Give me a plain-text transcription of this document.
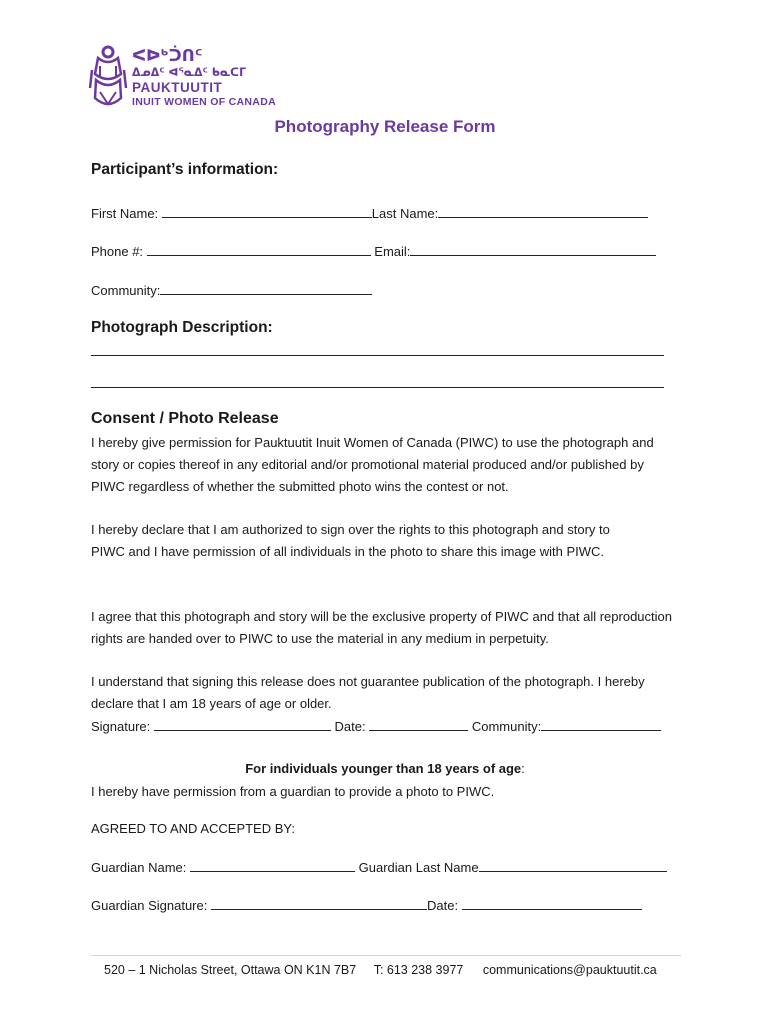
ᐸᐅᒃᑑᑎᑦ
ᐃᓄᐃᑦ ᐊᕐᓇᐃᑦ ᑲᓇᑕᒥ
PAUKTUUTIT
INUIT WOMEN OF CANADA
Photography Release Form
Participant’s information:
First Name:	Last Name:
Phone #:	Email:
Community:
Photograph Description:
Consent / Photo Release
I hereby give permission for Pauktuutit Inuit Women of Canada (PIWC) to use the photograph and story or copies thereof in any editorial and/or promotional material produced and/or published by PIWC regardless of whether the submitted photo wins the contest or not.
I hereby declare that I am authorized to sign over the rights to this photograph and story to PIWC and I have permission of all individuals in the photo to share this image with PIWC.
I agree that this photograph and story will be the exclusive property of PIWC and that all reproduction rights are handed over to PIWC to use the material in any medium in perpetuity.
I understand that signing this release does not guarantee publication of the photograph. I hereby declare that I am 18 years of age or older.
Signature:	Date:	Community:
For individuals younger than 18 years of age:
I hereby have permission from a guardian to provide a photo to PIWC.
AGREED TO AND ACCEPTED BY:
Guardian Name:	Guardian Last Name
Guardian Signature:	Date:
520 – 1 Nicholas Street, Ottawa ON K1N 7B7 T: 613 238 3977 communications@pauktuutit.ca
